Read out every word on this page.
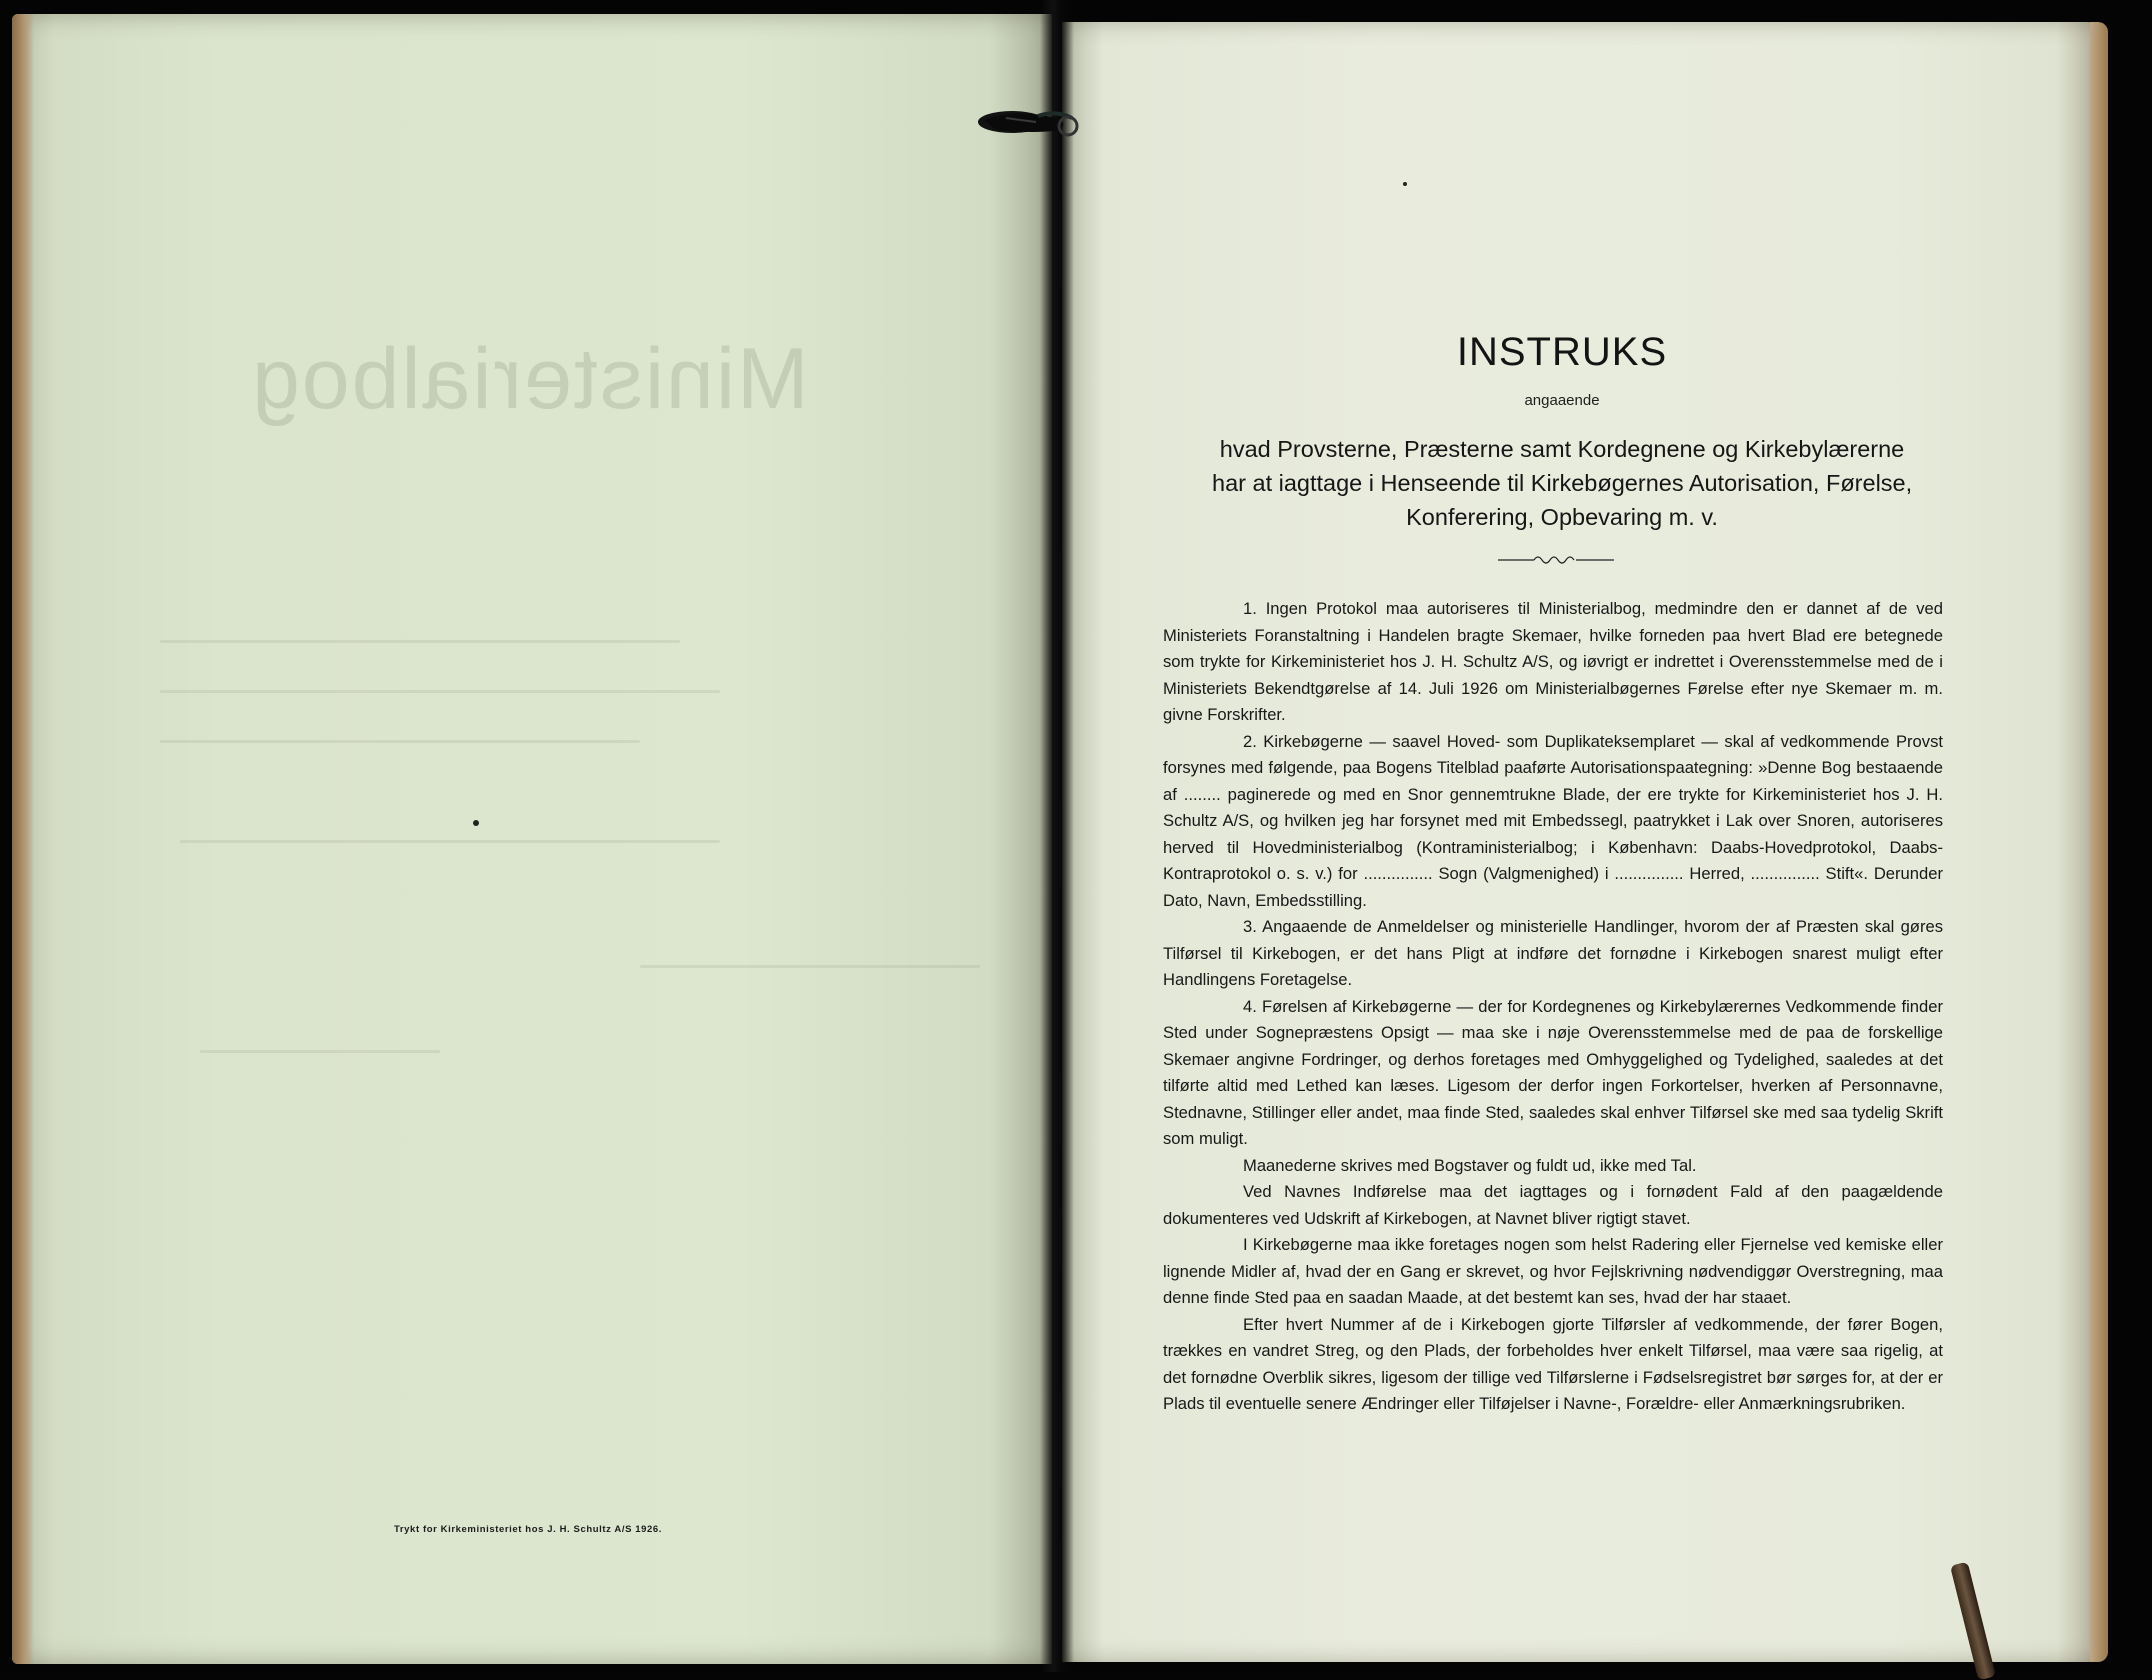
Ministerialbog
Trykt for Kirkeministeriet hos J. H. Schultz A/S 1926.
INSTRUKS
angaaende
hvad Provsterne, Præsterne samt Kordegnene og Kirkebylærerne
har at iagttage i Henseende til Kirkebøgernes Autorisation, Førelse,
Konferering, Opbevaring m. v.

1. Ingen Protokol maa autoriseres til Ministerialbog, medmindre den er dannet af de ved Ministeriets Foranstaltning i Handelen bragte Skemaer, hvilke forneden paa hvert Blad ere betegnede som trykte for Kirkeministeriet hos J. H. Schultz A/S, og iøvrigt er indrettet i Overensstemmelse med de i Ministeriets Bekendtgørelse af 14. Juli 1926 om Ministerialbøgernes Førelse efter nye Skemaer m. m. givne Forskrifter.

2. Kirkebøgerne — saavel Hoved- som Duplikateksemplaret — skal af vedkommende Provst forsynes med følgende, paa Bogens Titelblad paaførte Autorisationspaategning: »Denne Bog bestaaende af ........ paginerede og med en Snor gennemtrukne Blade, der ere trykte for Kirkeministeriet hos J. H. Schultz A/S, og hvilken jeg har forsynet med mit Embedssegl, paatrykket i Lak over Snoren, autoriseres herved til Hovedministerialbog (Kontraministerialbog; i København: Daabs-Hovedprotokol, Daabs-Kontraprotokol o. s. v.) for ............... Sogn (Valgmenighed) i ............... Herred, ............... Stift«. Derunder Dato, Navn, Embedsstilling.

3. Angaaende de Anmeldelser og ministerielle Handlinger, hvorom der af Præsten skal gøres Tilførsel til Kirkebogen, er det hans Pligt at indføre det fornødne i Kirkebogen snarest muligt efter Handlingens Foretagelse.

4. Førelsen af Kirkebøgerne — der for Kordegnenes og Kirkebylærernes Vedkommende finder Sted under Sognepræstens Opsigt — maa ske i nøje Overensstemmelse med de paa de forskellige Skemaer angivne Fordringer, og derhos foretages med Omhyggelighed og Tydelighed, saaledes at det tilførte altid med Lethed kan læses. Ligesom der derfor ingen Forkortelser, hverken af Personnavne, Stednavne, Stillinger eller andet, maa finde Sted, saaledes skal enhver Tilførsel ske med saa tydelig Skrift som muligt.

Maanederne skrives med Bogstaver og fuldt ud, ikke med Tal.

Ved Navnes Indførelse maa det iagttages og i fornødent Fald af den paagældende dokumenteres ved Udskrift af Kirkebogen, at Navnet bliver rigtigt stavet.

I Kirkebøgerne maa ikke foretages nogen som helst Radering eller Fjernelse ved kemiske eller lignende Midler af, hvad der en Gang er skrevet, og hvor Fejlskrivning nødvendiggør Overstregning, maa denne finde Sted paa en saadan Maade, at det bestemt kan ses, hvad der har staaet.

Efter hvert Nummer af de i Kirkebogen gjorte Tilførsler af vedkommende, der fører Bogen, trækkes en vandret Streg, og den Plads, der forbeholdes hver enkelt Tilførsel, maa være saa rigelig, at det fornødne Overblik sikres, ligesom der tillige ved Tilførslerne i Fødselsregistret bør sørges for, at der er Plads til eventuelle senere Ændringer eller Tilføjelser i Navne-, Forældre- eller Anmærkningsrubriken.
